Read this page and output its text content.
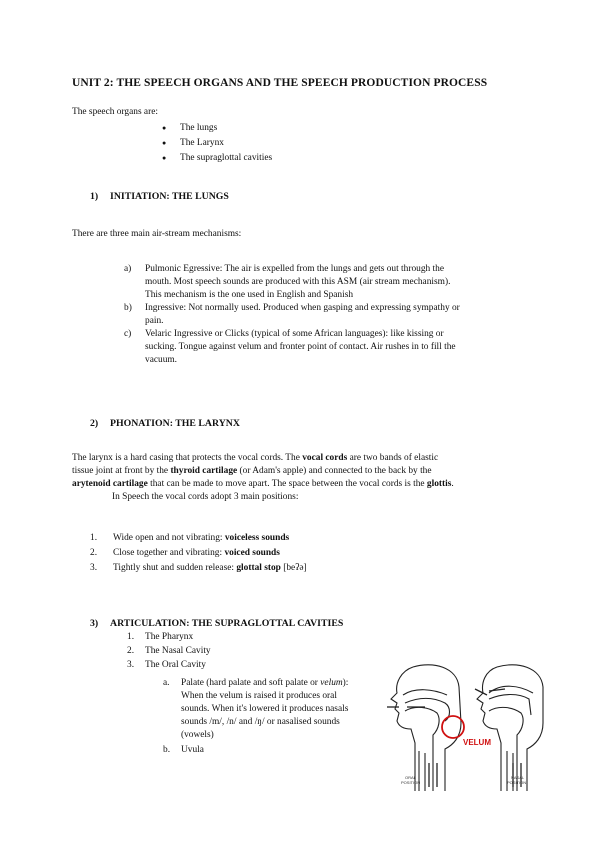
UNIT 2: THE SPEECH ORGANS AND THE SPEECH PRODUCTION PROCESS
The speech organs are:
● The lungs
● The Larynx
● The supraglottal cavities
1) INITIATION: THE LUNGS
There are three main air-stream mechanisms:
a) Pulmonic Egressive: The air is expelled from the lungs and gets out through the
mouth. Most speech sounds are produced with this ASM (air stream mechanism).
This mechanism is the one used in English and Spanish
b) Ingressive: Not normally used. Produced when gasping and expressing sympathy or
pain.
c) Velaric Ingressive or Clicks (typical of some African languages): like kissing or
sucking. Tongue against velum and fronter point of contact. Air rushes in to fill the
vacuum.
2) PHONATION: THE LARYNX
The larynx is a hard casing that protects the vocal cords. The vocal cords are two bands of elastic
tissue joint at front by the thyroid cartilage (or Adam's apple) and connected to the back by the
arytenoid cartilage that can be made to move apart. The space between the vocal cords is the glottis.
In Speech the vocal cords adopt 3 main positions:
1. Wide open and not vibrating: voiceless sounds
2. Close together and vibrating: voiced sounds
3. Tightly shut and sudden release: glottal stop [beʔə]
3) ARTICULATION: THE SUPRAGLOTTAL CAVITIES
1. The Pharynx
2. The Nasal Cavity
3. The Oral Cavity
a. Palate (hard palate and soft palate or velum):
When the velum is raised it produces oral
sounds. When it's lowered it produces nasals
sounds /m/, /n/ and /ŋ/ or nasalised sounds
(vowels)
b. Uvula
VELUM
ORAL
POSITION
NASAL
POSITION
